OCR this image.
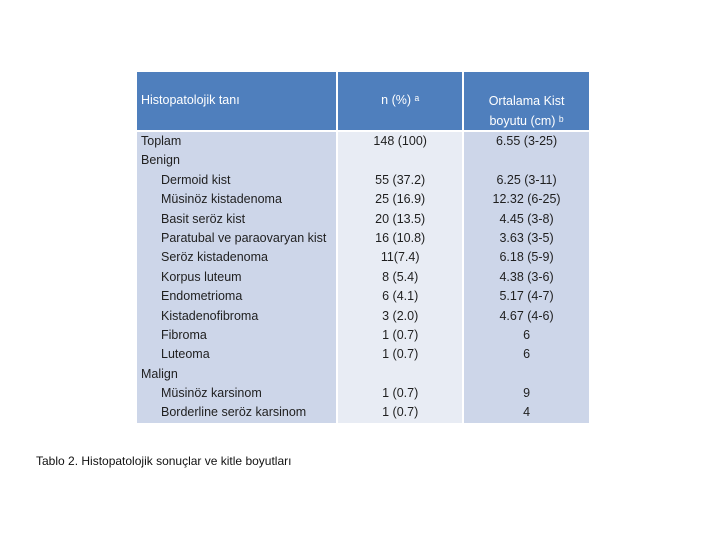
Histopatolojik tanı	n (%) ᵃ	Ortalama Kist
boyutu (cm) ᵇ
Toplam
Benign
Dermoid kist
Müsinöz kistadenoma
Basit seröz kist
Paratubal ve paraovaryan kist
Seröz kistadenoma
Korpus luteum
Endometrioma
Kistadenofibroma
Fibroma
Luteoma
Malign
Müsinöz karsinom
Borderline seröz karsinom
148 (100)
55 (37.2)
25 (16.9)
20 (13.5)
16 (10.8)
11(7.4)
8 (5.4)
6 (4.1)
3 (2.0)
1 (0.7)
1 (0.7)
1 (0.7)
1 (0.7)
6.55 (3-25)
6.25 (3-11)
12.32 (6-25)
4.45 (3-8)
3.63 (3-5)
6.18 (5-9)
4.38 (3-6)
5.17 (4-7)
4.67 (4-6)
6
6
9
4
Tablo 2. Histopatolojik sonuçlar ve kitle boyutları
